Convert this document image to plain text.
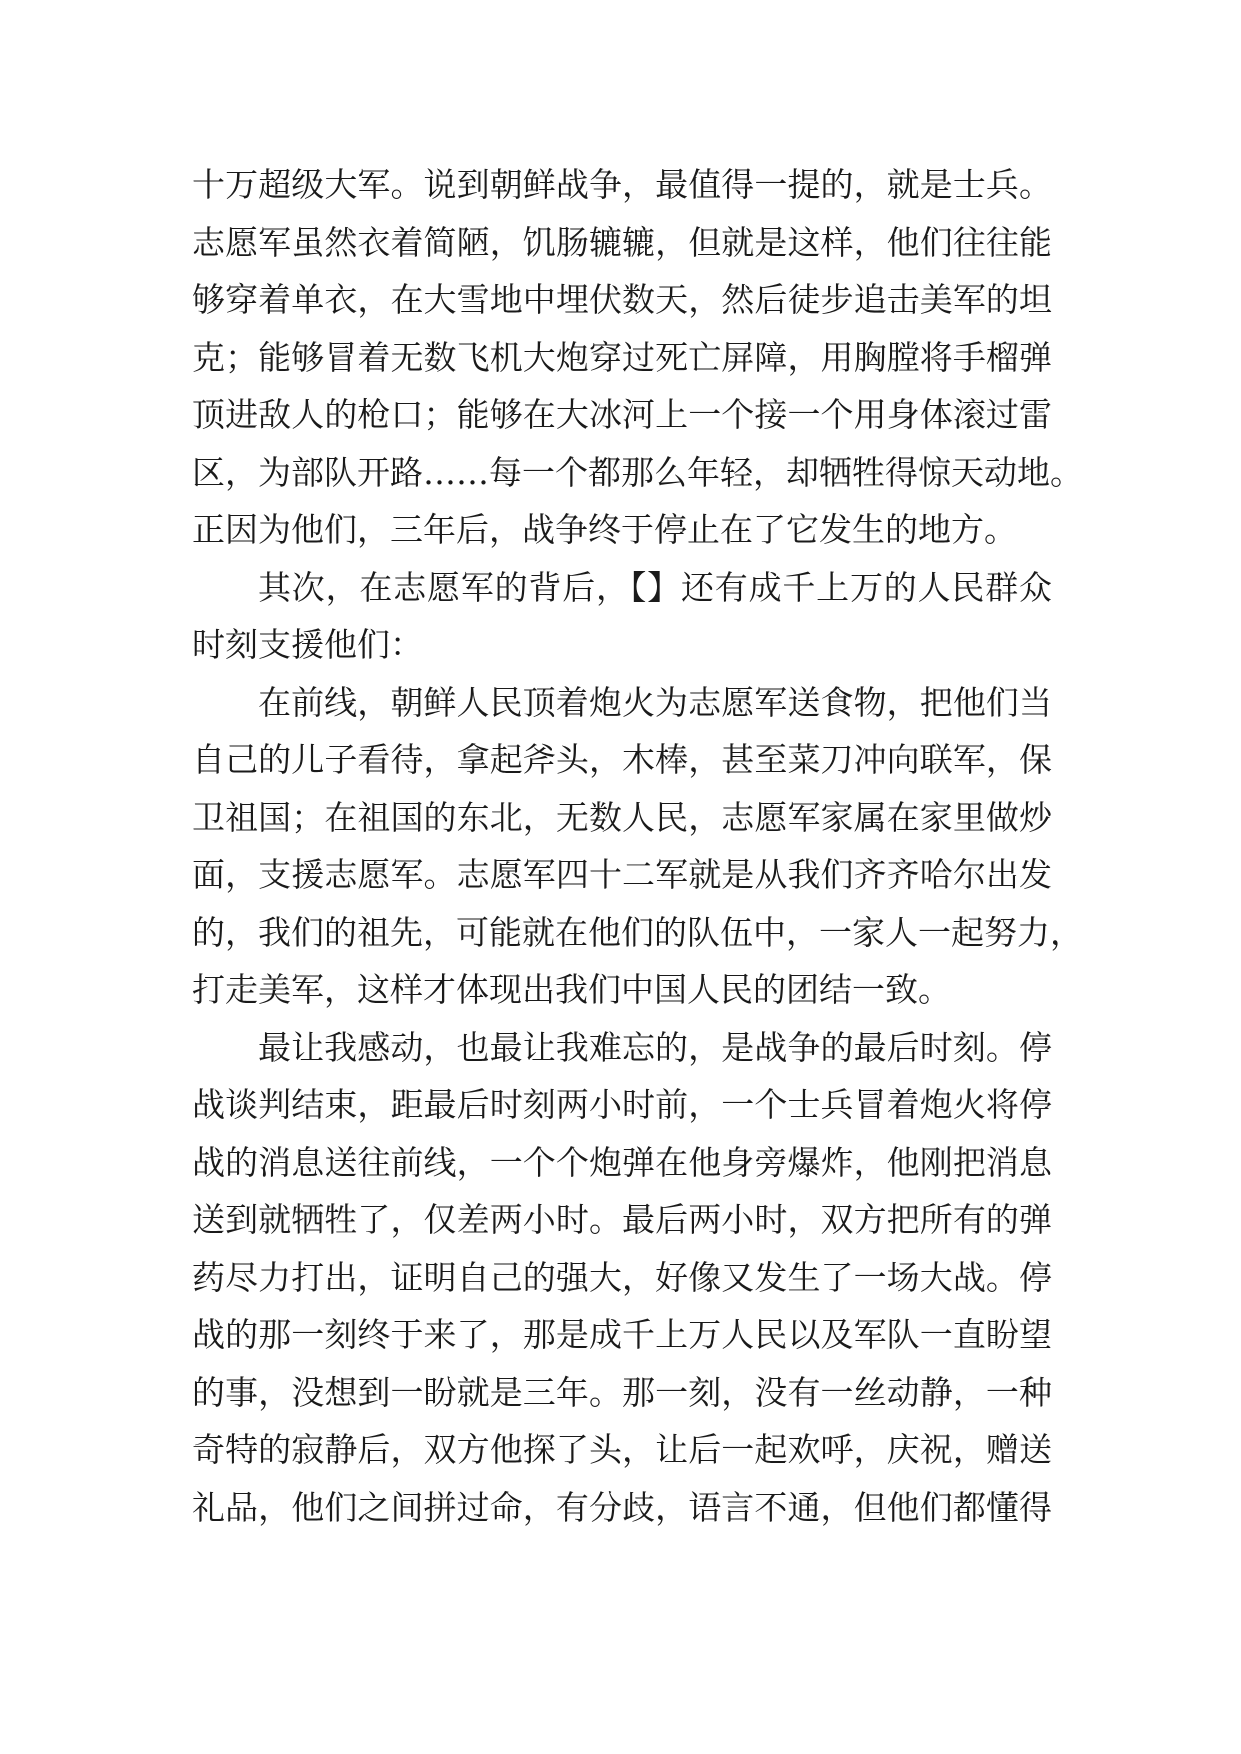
十万超级大军。说到朝鲜战争，最值得一提的，就是士兵。
志愿军虽然衣着简陋，饥肠辘辘，但就是这样，他们往往能
够穿着单衣，在大雪地中埋伏数天，然后徒步追击美军的坦
克；能够冒着无数飞机大炮穿过死亡屏障，用胸膛将手榴弹
顶进敌人的枪口；能够在大冰河上一个接一个用身体滚过雷
区，为部队开路……每一个都那么年轻，却牺牲得惊天动地。
正因为他们，三年后，战争终于停止在了它发生的地方。
其次，在志愿军的背后，【】还有成千上万的人民群众
时刻支援他们：
在前线，朝鲜人民顶着炮火为志愿军送食物，把他们当
自己的儿子看待，拿起斧头，木棒，甚至菜刀冲向联军，保
卫祖国；在祖国的东北，无数人民，志愿军家属在家里做炒
面，支援志愿军。志愿军四十二军就是从我们齐齐哈尔出发
的，我们的祖先，可能就在他们的队伍中，一家人一起努力，
打走美军，这样才体现出我们中国人民的团结一致。
最让我感动，也最让我难忘的，是战争的最后时刻。停
战谈判结束，距最后时刻两小时前，一个士兵冒着炮火将停
战的消息送往前线，一个个炮弹在他身旁爆炸，他刚把消息
送到就牺牲了，仅差两小时。最后两小时，双方把所有的弹
药尽力打出，证明自己的强大，好像又发生了一场大战。停
战的那一刻终于来了，那是成千上万人民以及军队一直盼望
的事，没想到一盼就是三年。那一刻，没有一丝动静，一种
奇特的寂静后，双方他探了头，让后一起欢呼，庆祝，赠送
礼品，他们之间拼过命，有分歧，语言不通，但他们都懂得
